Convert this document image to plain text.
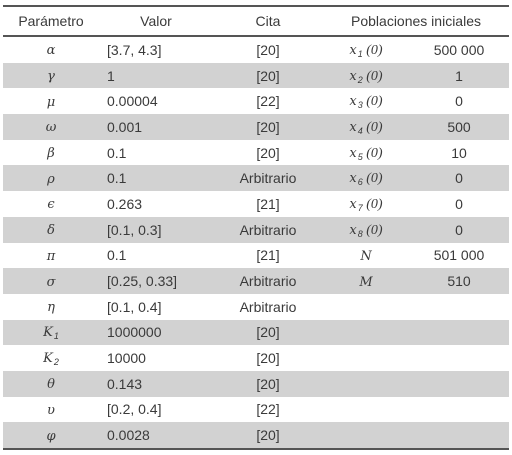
Parámetro	Valor	Cita	Poblaciones iniciales
α	[3.7, 4.3]	[20]	$x_1$ (0)	500 000
γ	1	[20]	$x_2$ (0)	1
μ	0.00004	[22]	$x_3$ (0)	0
ω	0.001	[20]	$x_4$ (0)	500
β	0.1	[20]	$x_5$ (0)	10
ρ	0.1	Arbitrario	$x_6$ (0)	0
ϵ	0.263	[21]	$x_7$ (0)	0
δ	[0.1, 0.3]	Arbitrario	$x_8$ (0)	0
π	0.1	[21]	N	501 000
σ	[0.25, 0.33]	Arbitrario	M	510
η	[0.1, 0.4]	Arbitrario
$K_1$	1000000	[20]
$K_2$	10000	[20]
θ	0.143	[20]
υ	[0.2, 0.4]	[22]
φ	0.0028	[20]
